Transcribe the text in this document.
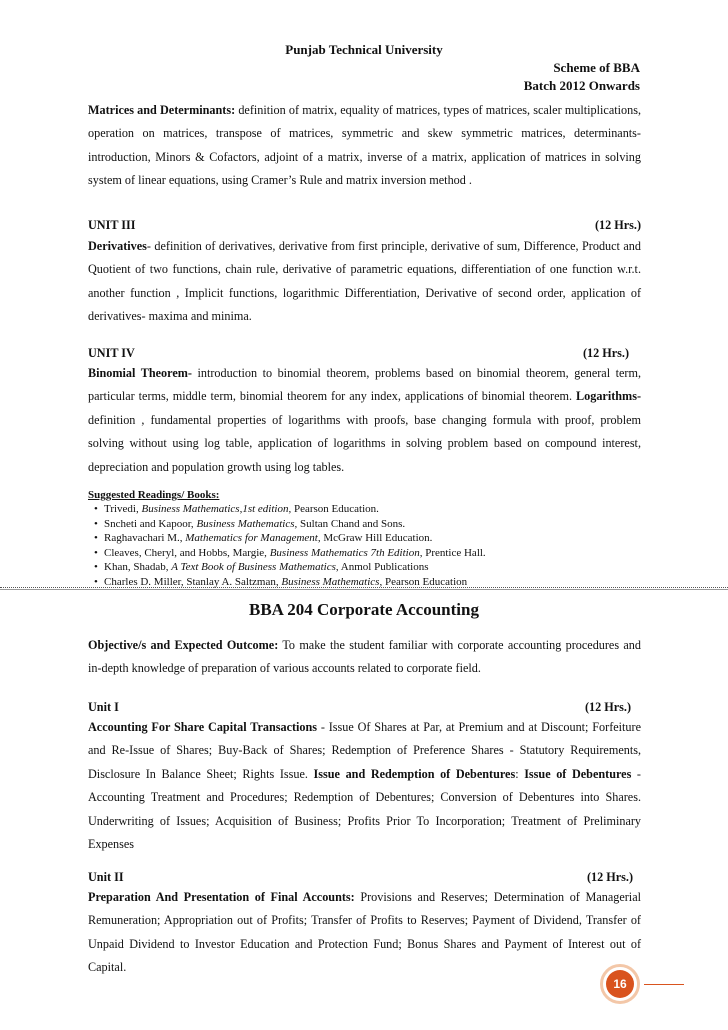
Punjab Technical University
Scheme of BBA
Batch 2012 Onwards
Matrices and Determinants: definition of matrix, equality of matrices, types of matrices, scaler multiplications, operation on matrices, transpose of matrices, symmetric and skew symmetric matrices, determinants- introduction, Minors & Cofactors, adjoint of a matrix, inverse of a matrix, application of matrices in solving system of linear equations, using Cramer’s Rule and matrix inversion method .
UNIT III	(12 Hrs.)
Derivatives- definition of derivatives, derivative from first principle, derivative of sum, Difference, Product and Quotient of two functions, chain rule, derivative of parametric equations, differentiation of one function w.r.t. another function , Implicit functions, logarithmic Differentiation, Derivative of second order, application of derivatives- maxima and minima.
UNIT IV	(12 Hrs.)
Binomial Theorem- introduction to binomial theorem, problems based on binomial theorem, general term, particular terms, middle term, binomial theorem for any index, applications of binomial theorem. Logarithms- definition , fundamental properties of logarithms with proofs, base changing formula with proof, problem solving without using log table, application of logarithms in solving problem based on compound interest, depreciation and population growth using log tables.
Suggested Readings/ Books:
• Trivedi, Business Mathematics,1st edition, Pearson Education.
• Sncheti and Kapoor, Business Mathematics, Sultan Chand and Sons.
• Raghavachari M., Mathematics for Management, McGraw Hill Education.
• Cleaves, Cheryl, and Hobbs, Margie, Business Mathematics 7th Edition, Prentice Hall.
• Khan, Shadab, A Text Book of Business Mathematics, Anmol Publications
• Charles D. Miller, Stanlay A. Saltzman, Business Mathematics, Pearson Education
BBA 204 Corporate Accounting
Objective/s and Expected Outcome: To make the student familiar with corporate accounting procedures and in-depth knowledge of preparation of various accounts related to corporate field.
Unit I	(12 Hrs.)
Accounting For Share Capital Transactions - Issue Of Shares at Par, at Premium and at Discount; Forfeiture and Re-Issue of Shares; Buy-Back of Shares; Redemption of Preference Shares - Statutory Requirements, Disclosure In Balance Sheet; Rights Issue. Issue and Redemption of Debentures: Issue of Debentures - Accounting Treatment and Procedures; Redemption of Debentures; Conversion of Debentures into Shares. Underwriting of Issues; Acquisition of Business; Profits Prior To Incorporation; Treatment of Preliminary Expenses
Unit II	(12 Hrs.)
Preparation And Presentation of Final Accounts: Provisions and Reserves; Determination of Managerial Remuneration; Appropriation out of Profits; Transfer of Profits to Reserves; Payment of Dividend, Transfer of Unpaid Dividend to Investor Education and Protection Fund; Bonus Shares and Payment of Interest out of Capital.
16
